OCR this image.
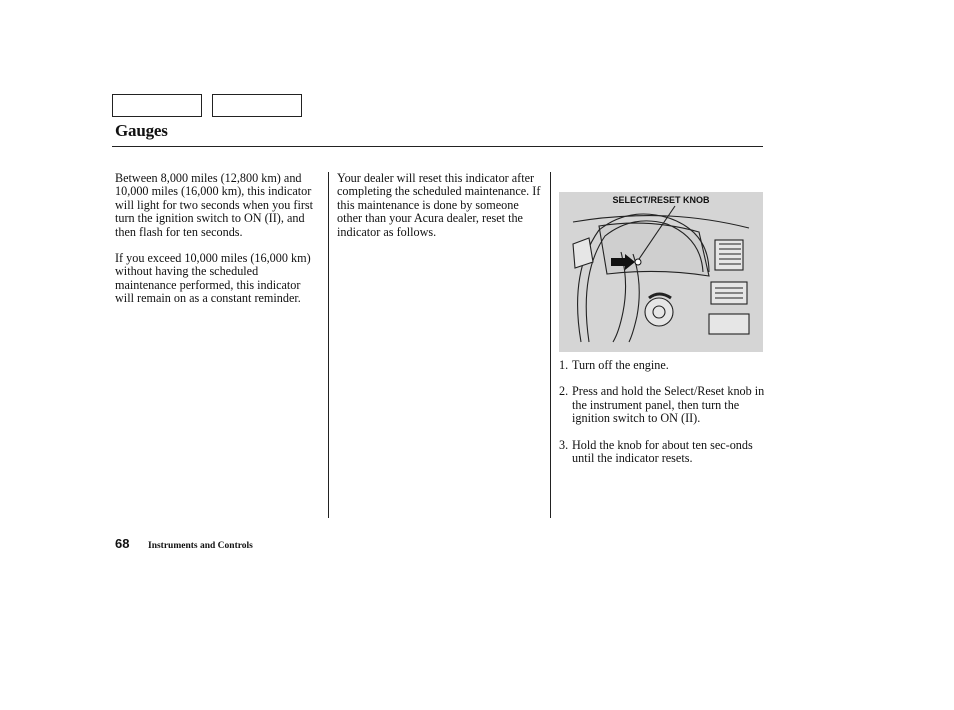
Gauges

Between 8,000 miles (12,800 km) and 10,000 miles (16,000 km), this indicator will light for two seconds when you first turn the ignition switch to ON (II), and then flash for ten seconds.

If you exceed 10,000 miles (16,000 km) without having the scheduled maintenance performed, this indicator will remain on as a constant reminder.

Your dealer will reset this indicator after completing the scheduled maintenance. If this maintenance is done by someone other than your Acura dealer, reset the indicator as follows.

SELECT/RESET KNOB
1. Turn off the engine.
2. Press and hold the Select/Reset knob in the instrument panel, then turn the ignition switch to ON (II).
3. Hold the knob for about ten sec-onds until the indicator resets.
68 Instruments and Controls
